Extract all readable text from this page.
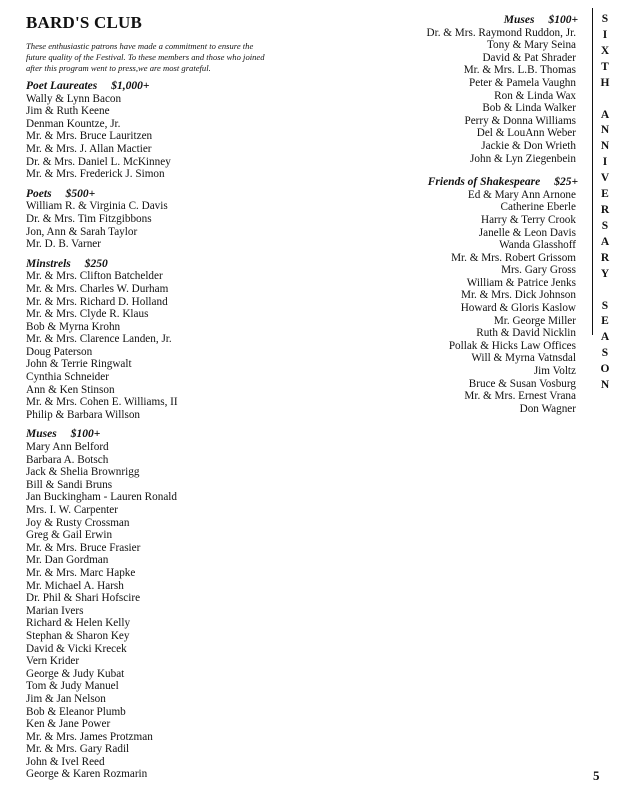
BARD'S CLUB
These enthusiastic patrons have made a commitment to ensure the future quality of the Festival. To these members and those who joined after this program went to press,we are most grateful.
Poet Laureates $1,000+
Wally & Lynn Bacon
Jim & Ruth Keene
Denman Kountze, Jr.
Mr. & Mrs. Bruce Lauritzen
Mr. & Mrs. J. Allan Mactier
Dr. & Mrs. Daniel L. McKinney
Mr. & Mrs. Frederick J. Simon
Poets $500+
William R. & Virginia C. Davis
Dr. & Mrs. Tim Fitzgibbons
Jon, Ann & Sarah Taylor
Mr. D. B. Varner
Minstrels $250
Mr. & Mrs. Clifton Batchelder
Mr. & Mrs. Charles W. Durham
Mr. & Mrs. Richard D. Holland
Mr. & Mrs. Clyde R. Klaus
Bob & Myrna Krohn
Mr. & Mrs. Clarence Landen, Jr.
Doug Paterson
John & Terrie Ringwalt
Cynthia Schneider
Ann & Ken Stinson
Mr. & Mrs. Cohen E. Williams, II
Philip & Barbara Willson
Muses $100+
Mary Ann Belford
Barbara A. Botsch
Jack & Shelia Brownrigg
Bill & Sandi Bruns
Jan Buckingham - Lauren Ronald
Mrs. I. W. Carpenter
Joy & Rusty Crossman
Greg & Gail Erwin
Mr. & Mrs. Bruce Frasier
Mr. Dan Gordman
Mr. & Mrs. Marc Hapke
Mr. Michael A. Harsh
Dr. Phil & Shari Hofscire
Marian Ivers
Richard & Helen Kelly
Stephan & Sharon Key
David & Vicki Krecek
Vern Krider
George & Judy Kubat
Tom & Judy Manuel
Jim & Jan Nelson
Bob & Eleanor Plumb
Ken & Jane Power
Mr. & Mrs. James Protzman
Mr. & Mrs. Gary Radil
John & Ivel Reed
George & Karen Rozmarin
Muses $100+
Dr. & Mrs. Raymond Ruddon, Jr.
Tony & Mary Seina
David & Pat Shrader
Mr. & Mrs. L.B. Thomas
Peter & Pamela Vaughn
Ron & Linda Wax
Bob & Linda Walker
Perry & Donna Williams
Del & LouAnn Weber
Jackie & Don Wrieth
John & Lyn Ziegenbein
Friends of Shakespeare $25+
Ed & Mary Ann Arnone
Catherine Eberle
Harry & Terry Crook
Janelle & Leon Davis
Wanda Glasshoff
Mr. & Mrs. Robert Grissom
Mrs. Gary Gross
William & Patrice Jenks
Mr. & Mrs. Dick Johnson
Howard & Gloris Kaslow
Mr. George Miller
Ruth & David Nicklin
Pollak & Hicks Law Offices
Will & Myrna Vatnsdal
Jim Voltz
Bruce & Susan Vosburg
Mr. & Mrs. Ernest Vrana
Don Wagner
SIXTH
ANNIVERSARY
SEASON
5
